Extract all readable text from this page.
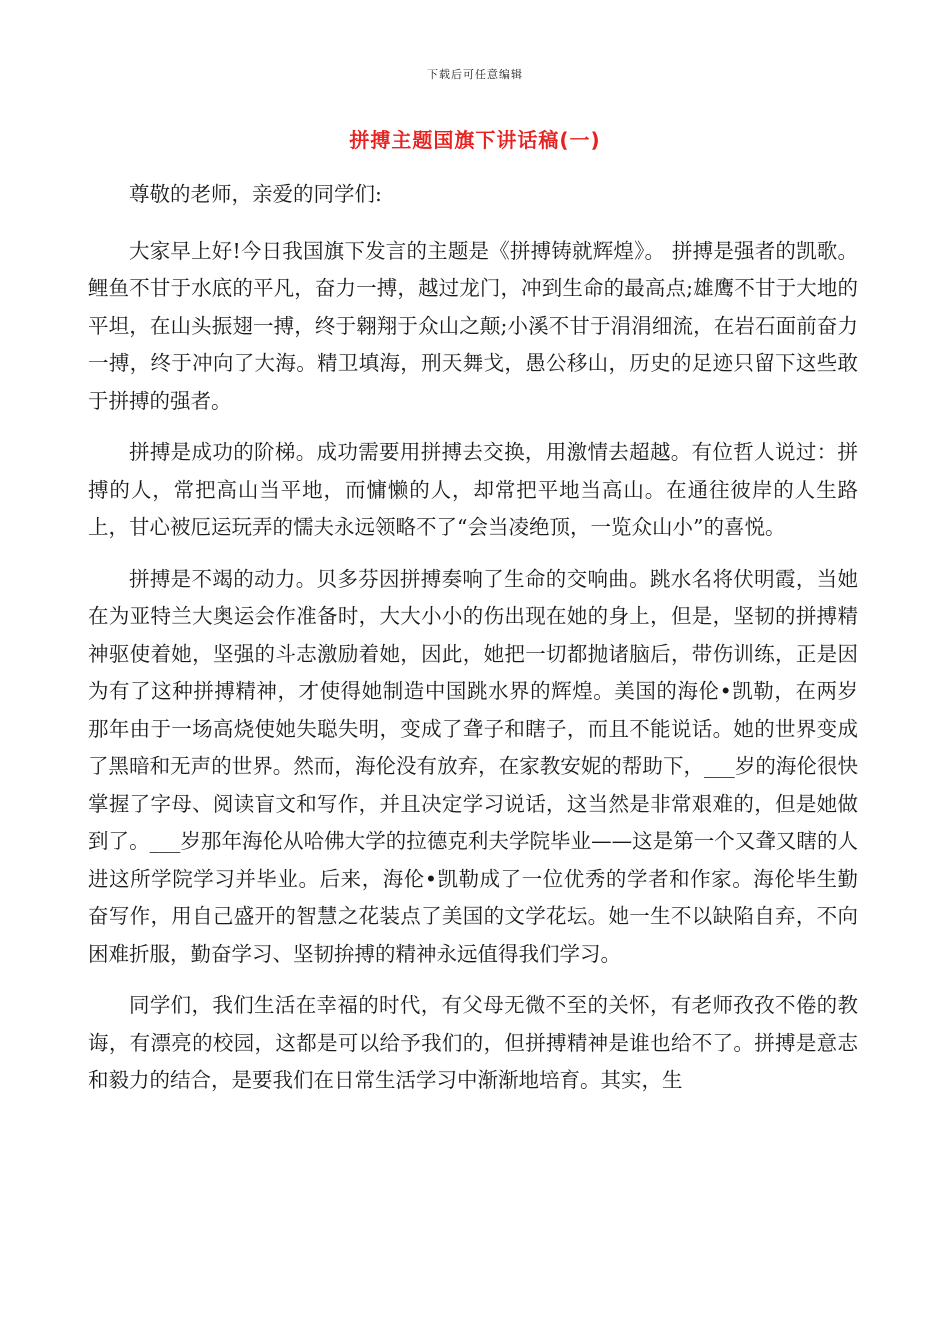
下载后可任意编辑
拼搏主题国旗下讲话稿(一)

尊敬的老师，亲爱的同学们:

大家早上好!今日我国旗下发言的主题是《拼搏铸就辉煌》。 拼搏是强者的凯歌。鲤鱼不甘于水底的平凡，奋力一搏，越过龙门，冲到生命的最高点;雄鹰不甘于大地的平坦，在山头振翅一搏，终于翱翔于众山之颠;小溪不甘于涓涓细流，在岩石面前奋力一搏，终于冲向了大海。精卫填海，刑天舞戈，愚公移山，历史的足迹只留下这些敢于拼搏的强者。

拼搏是成功的阶梯。成功需要用拼搏去交换，用激情去超越。有位哲人说过：拼搏的人，常把高山当平地，而慵懒的人，却常把平地当高山。在通往彼岸的人生路上，甘心被厄运玩弄的懦夫永远领略不了“会当凌绝顶，一览众山小”的喜悦。

拼搏是不竭的动力。贝多芬因拼搏奏响了生命的交响曲。跳水名将伏明霞，当她在为亚特兰大奥运会作准备时，大大小小的伤出现在她的身上，但是，坚韧的拼搏精神驱使着她，坚强的斗志激励着她，因此，她把一切都抛诸脑后，带伤训练，正是因为有了这种拼搏精神，才使得她制造中国跳水界的辉煌。美国的海伦•凯勒，在两岁那年由于一场高烧使她失聪失明，变成了聋子和瞎子，而且不能说话。她的世界变成了黑暗和无声的世界。然而，海伦没有放弃，在家教安妮的帮助下，___岁的海伦很快掌握了字母、阅读盲文和写作，并且决定学习说话，这当然是非常艰难的，但是她做到了。___岁那年海伦从哈佛大学的拉德克利夫学院毕业——这是第一个又聋又瞎的人进这所学院学习并毕业。后来，海伦•凯勒成了一位优秀的学者和作家。海伦毕生勤奋写作，用自己盛开的智慧之花装点了美国的文学花坛。她一生不以缺陷自弃，不向困难折服，勤奋学习、坚韧拚搏的精神永远值得我们学习。

同学们，我们生活在幸福的时代，有父母无微不至的关怀，有老师孜孜不倦的教诲，有漂亮的校园，这都是可以给予我们的，但拼搏精神是谁也给不了。拼搏是意志和毅力的结合，是要我们在日常生活学习中渐渐地培育。其实，生
